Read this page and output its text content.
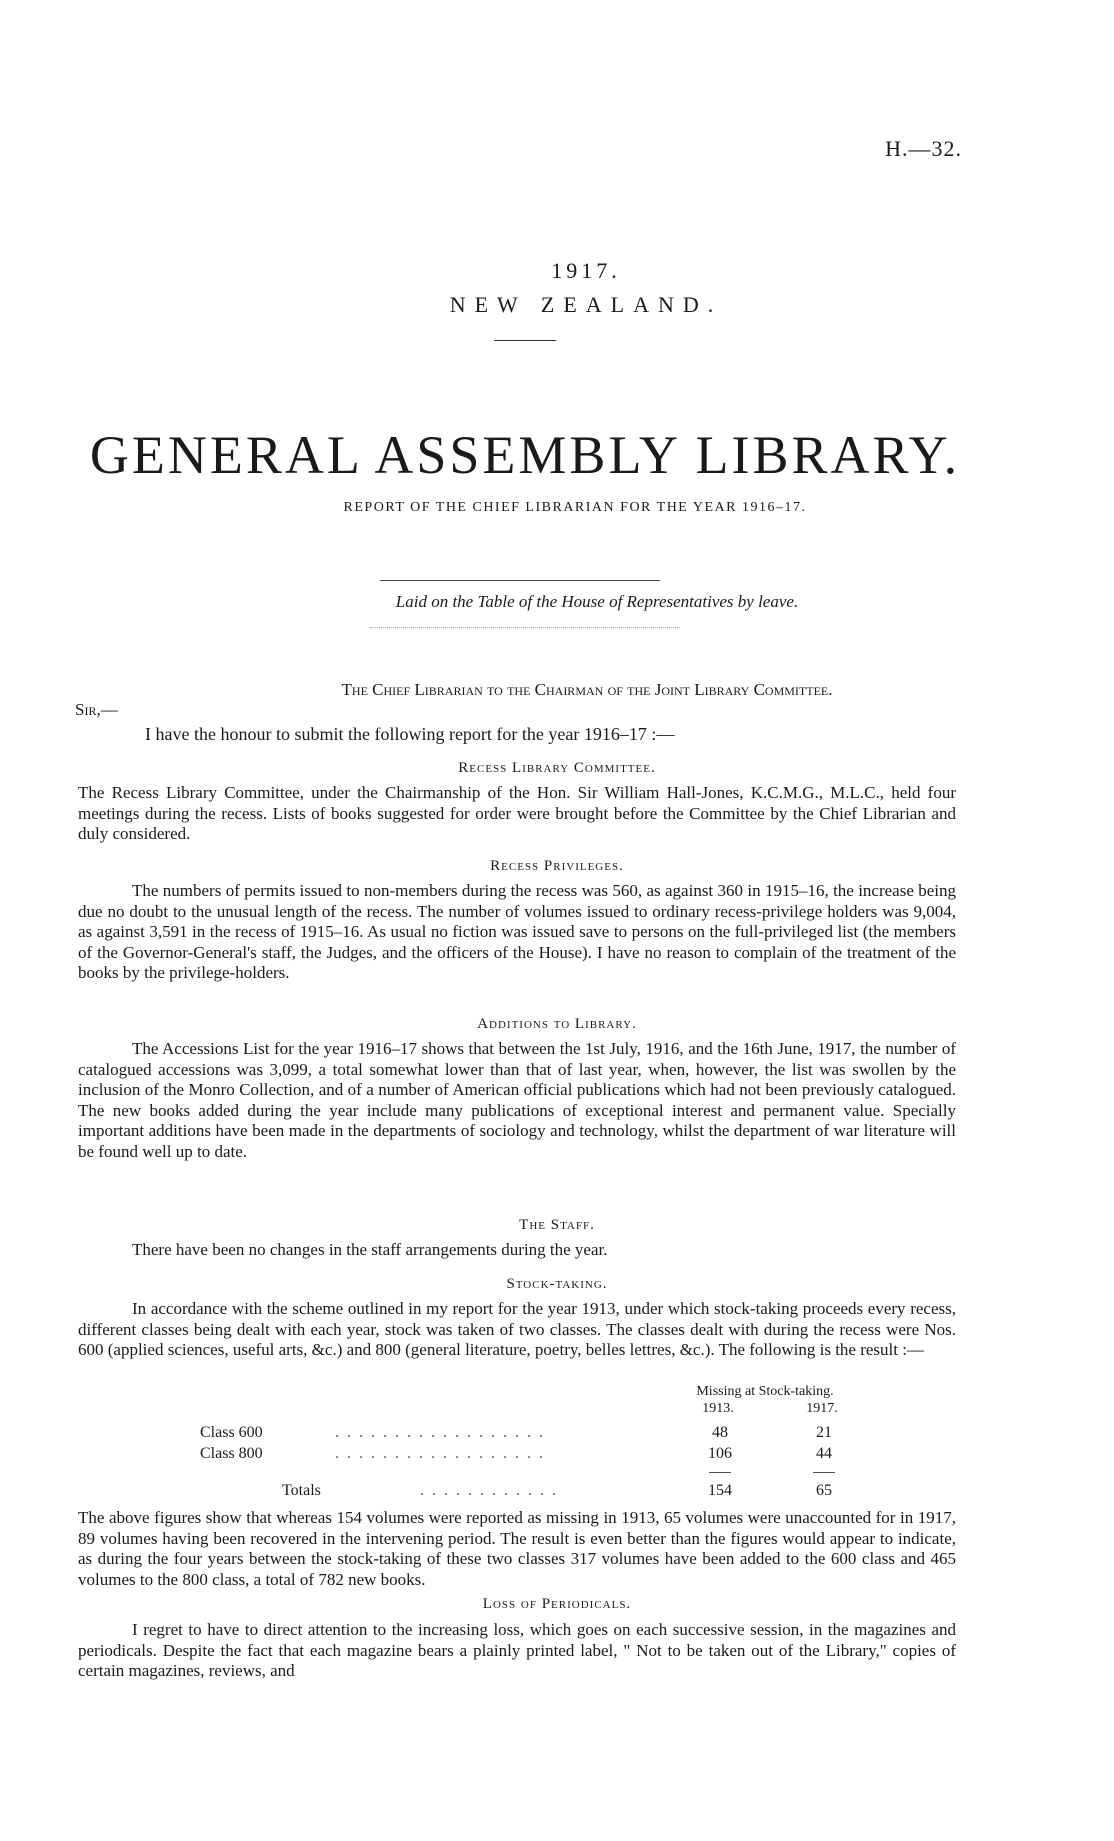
H.—32.
1917.
NEW ZEALAND.
GENERAL ASSEMBLY LIBRARY.
REPORT OF THE CHIEF LIBRARIAN FOR THE YEAR 1916–17.
Laid on the Table of the House of Representatives by leave.
The Chief Librarian to the Chairman of the Joint Library Committee.
Sir,—
I have the honour to submit the following report for the year 1916–17 :—
Recess Library Committee.

The Recess Library Committee, under the Chairmanship of the Hon. Sir William Hall-Jones, K.C.M.G., M.L.C., held four meetings during the recess. Lists of books suggested for order were brought before the Committee by the Chief Librarian and duly considered.

Recess Privileges.

The numbers of permits issued to non-members during the recess was 560, as against 360 in 1915–16, the increase being due no doubt to the unusual length of the recess. The number of volumes issued to ordinary recess-privilege holders was 9,004, as against 3,591 in the recess of 1915–16. As usual no fiction was issued save to persons on the full-privileged list (the members of the Governor-General's staff, the Judges, and the officers of the House). I have no reason to complain of the treatment of the books by the privilege-holders.

Additions to Library.

The Accessions List for the year 1916–17 shows that between the 1st July, 1916, and the 16th June, 1917, the number of catalogued accessions was 3,099, a total somewhat lower than that of last year, when, however, the list was swollen by the inclusion of the Monro Collection, and of a number of American official publications which had not been previously catalogued. The new books added during the year include many publications of exceptional interest and permanent value. Specially important additions have been made in the departments of sociology and technology, whilst the department of war literature will be found well up to date.

The Staff.

There have been no changes in the staff arrangements during the year.

Stock-taking.

In accordance with the scheme outlined in my report for the year 1913, under which stock-taking proceeds every recess, different classes being dealt with each year, stock was taken of two classes. The classes dealt with during the recess were Nos. 600 (applied sciences, useful arts, &c.) and 800 (general literature, poetry, belles lettres, &c.). The following is the result :—

Missing at Stock-taking.
1913.	1917.
Class 600	. . . . . . . . . . . . . . . . . .	48	21
Class 800	. . . . . . . . . . . . . . . . . .	106	44
Totals	. . . . . . . . . . . .	154	65

The above figures show that whereas 154 volumes were reported as missing in 1913, 65 volumes were unaccounted for in 1917, 89 volumes having been recovered in the intervening period. The result is even better than the figures would appear to indicate, as during the four years between the stock-taking of these two classes 317 volumes have been added to the 600 class and 465 volumes to the 800 class, a total of 782 new books.

Loss of Periodicals.

I regret to have to direct attention to the increasing loss, which goes on each successive session, in the magazines and periodicals. Despite the fact that each magazine bears a plainly printed label, " Not to be taken out of the Library," copies of certain magazines, reviews, and
